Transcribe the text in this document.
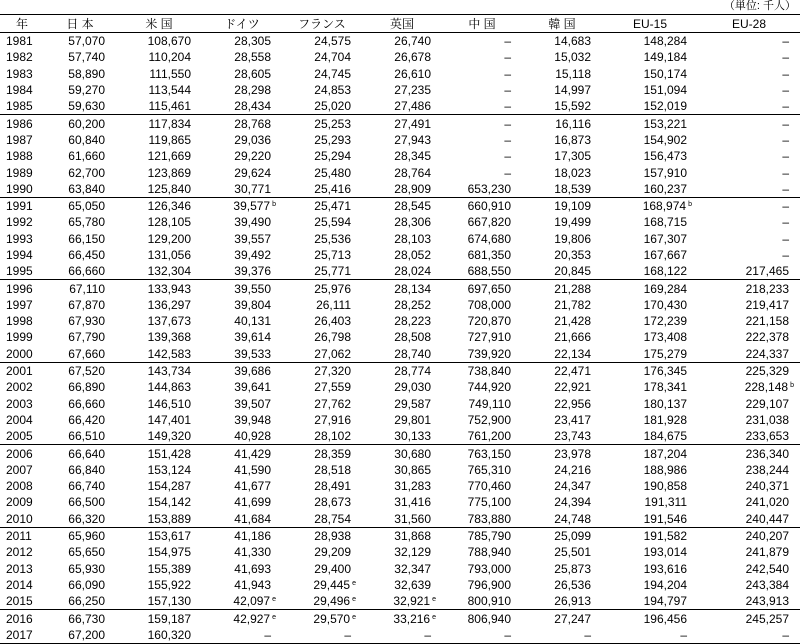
（単位: 千人）
年	日 本	米 国	ドイツ	フランス	英国	中 国	韓 国	EU-15	EU-28
1981	57,070	108,670	28,305	24,575	26,740	–	14,683	148,284	–
1982	57,740	110,204	28,558	24,704	26,678	–	15,032	149,184	–
1983	58,890	111,550	28,605	24,745	26,610	–	15,118	150,174	–
1984	59,270	113,544	28,298	24,853	27,235	–	14,997	151,094	–
1985	59,630	115,461	28,434	25,020	27,486	–	15,592	152,019	–
1986	60,200	117,834	28,768	25,253	27,491	–	16,116	153,221	–
1987	60,840	119,865	29,036	25,293	27,943	–	16,873	154,902	–
1988	61,660	121,669	29,220	25,294	28,345	–	17,305	156,473	–
1989	62,700	123,869	29,624	25,480	28,764	–	18,023	157,910	–
1990	63,840	125,840	30,771	25,416	28,909	653,230	18,539	160,237	–
1991	65,050	126,346	39,577 $^b$	25,471	28,545	660,910	19,109	168,974 $^b$	–
1992	65,780	128,105	39,490	25,594	28,306	667,820	19,499	168,715	–
1993	66,150	129,200	39,557	25,536	28,103	674,680	19,806	167,307	–
1994	66,450	131,056	39,492	25,713	28,052	681,350	20,353	167,667	–
1995	66,660	132,304	39,376	25,771	28,024	688,550	20,845	168,122	217,465
1996	67,110	133,943	39,550	25,976	28,134	697,650	21,288	169,284	218,233
1997	67,870	136,297	39,804	26,111	28,252	708,000	21,782	170,430	219,417
1998	67,930	137,673	40,131	26,403	28,223	720,870	21,428	172,239	221,158
1999	67,790	139,368	39,614	26,798	28,508	727,910	21,666	173,408	222,378
2000	67,660	142,583	39,533	27,062	28,740	739,920	22,134	175,279	224,337
2001	67,520	143,734	39,686	27,320	28,774	738,840	22,471	176,345	225,329
2002	66,890	144,863	39,641	27,559	29,030	744,920	22,921	178,341	228,148 $^b$
2003	66,660	146,510	39,507	27,762	29,587	749,110	22,956	180,137	229,107
2004	66,420	147,401	39,948	27,916	29,801	752,900	23,417	181,928	231,038
2005	66,510	149,320	40,928	28,102	30,133	761,200	23,743	184,675	233,653
2006	66,640	151,428	41,429	28,359	30,680	763,150	23,978	187,204	236,340
2007	66,840	153,124	41,590	28,518	30,865	765,310	24,216	188,986	238,244
2008	66,740	154,287	41,677	28,491	31,283	770,460	24,347	190,858	240,371
2009	66,500	154,142	41,699	28,673	31,416	775,100	24,394	191,311	241,020
2010	66,320	153,889	41,684	28,754	31,560	783,880	24,748	191,546	240,447
2011	65,960	153,617	41,186	28,938	31,868	785,790	25,099	191,582	240,207
2012	65,650	154,975	41,330	29,209	32,129	788,940	25,501	193,014	241,879
2013	65,930	155,389	41,693	29,400	32,347	793,000	25,873	193,616	242,540
2014	66,090	155,922	41,943	29,445 $^e$	32,639	796,900	26,536	194,204	243,384
2015	66,250	157,130	42,097 $^e$	29,496 $^e$	32,921 $^e$	800,910	26,913	194,797	243,913
2016	66,730	159,187	42,927 $^e$	29,570 $^e$	33,216 $^e$	806,940	27,247	196,456	245,257
2017	67,200	160,320	–	–	–	–	–	–	–
